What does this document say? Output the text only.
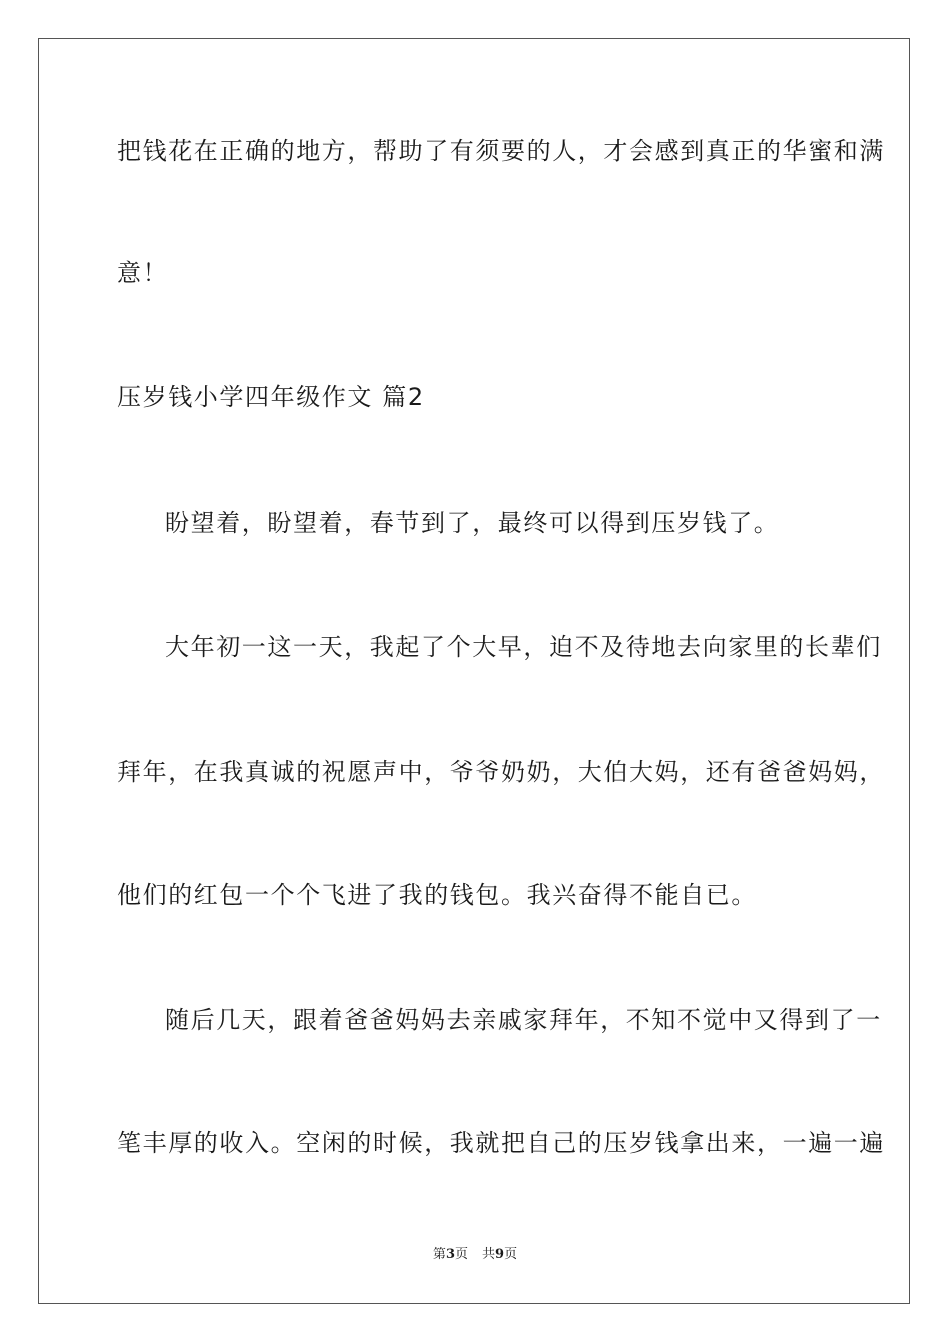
把钱花在正确的地方，帮助了有须要的人，才会感到真正的华蜜和满
意！
压岁钱小学四年级作文 篇2
盼望着，盼望着，春节到了，最终可以得到压岁钱了。
大年初一这一天，我起了个大早，迫不及待地去向家里的长辈们
拜年，在我真诚的祝愿声中，爷爷奶奶，大伯大妈，还有爸爸妈妈，
他们的红包一个个飞进了我的钱包。我兴奋得不能自已。
随后几天，跟着爸爸妈妈去亲戚家拜年，不知不觉中又得到了一
笔丰厚的收入。空闲的时候，我就把自己的压岁钱拿出来，一遍一遍
第3页 共9页
